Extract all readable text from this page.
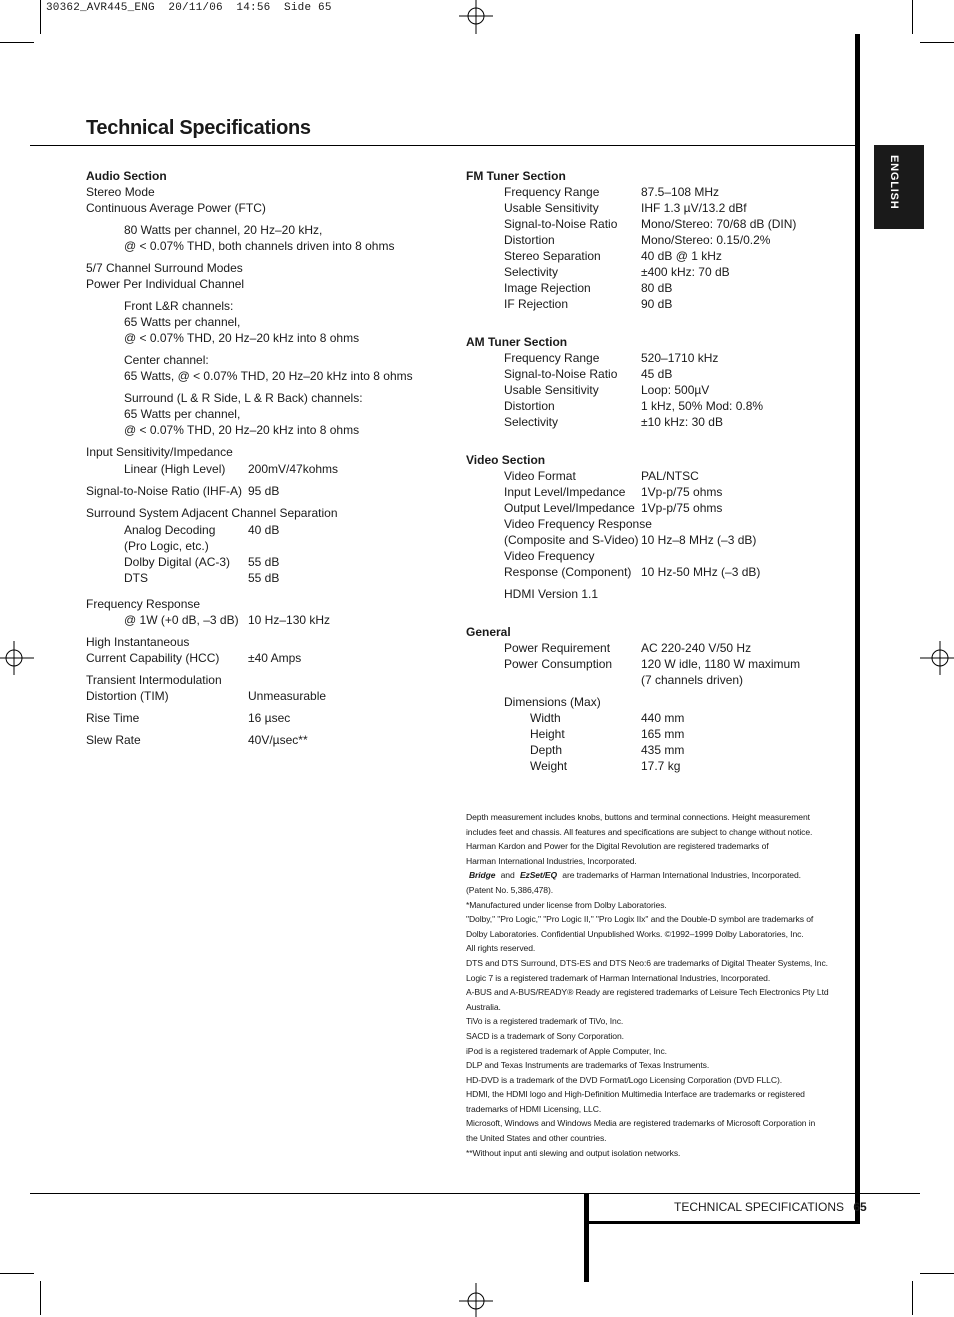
30362_AVR445_ENG  20/11/06  14:56  Side 65
ENGLISH
Technical Specifications
Audio Section
Stereo Mode
Continuous Average Power (FTC)
80 Watts per channel, 20 Hz–20 kHz,
@ < 0.07% THD, both channels driven into 8 ohms
5/7 Channel Surround Modes
Power Per Individual Channel
Front L&R channels:
65 Watts per channel,
@ < 0.07% THD, 20 Hz–20 kHz into 8 ohms
Center channel:
65 Watts, @ < 0.07% THD, 20 Hz–20 kHz into 8 ohms
Surround (L & R Side, L & R Back) channels:
65 Watts per channel,
@ < 0.07% THD, 20 Hz–20 kHz into 8 ohms
Input Sensitivity/Impedance
Linear (High Level) 200mV/47kohms
Signal-to-Noise Ratio (IHF-A) 95 dB
Surround System Adjacent Channel Separation
Analog Decoding	40 dB
(Pro Logic, etc.)
Dolby Digital (AC-3) 55 dB
DTS	55 dB
Frequency Response
@ 1W (+0 dB, –3 dB) 10 Hz–130 kHz
High Instantaneous
Current Capability (HCC) ±40 Amps
Transient Intermodulation
Distortion (TIM)	Unmeasurable
Rise Time	16 µsec
Slew Rate	40V/µsec**
FM Tuner Section
Frequency Range	87.5–108 MHz
Usable Sensitivity	IHF 1.3 µV/13.2 dBf
Signal-to-Noise Ratio Mono/Stereo: 70/68 dB (DIN)
Distortion	Mono/Stereo: 0.15/0.2%
Stereo Separation	40 dB @ 1 kHz
Selectivity	±400 kHz: 70 dB
Image Rejection	80 dB
IF Rejection	90 dB
AM Tuner Section
Frequency Range	520–1710 kHz
Signal-to-Noise Ratio 45 dB
Usable Sensitivity	Loop: 500µV
Distortion	1 kHz, 50% Mod: 0.8%
Selectivity	±10 kHz: 30 dB
Video Section
Video Format	PAL/NTSC
Input Level/Impedance 1Vp-p/75 ohms
Output Level/Impedance 1Vp-p/75 ohms
Video Frequency Response
(Composite and S-Video) 10 Hz–8 MHz (–3 dB)
Video Frequency
Response (Component) 10 Hz-50 MHz (–3 dB)
HDMI Version 1.1
General
Power Requirement	AC 220-240 V/50 Hz
Power Consumption 120 W idle, 1180 W maximum
(7 channels driven)
Dimensions (Max)
Width	440 mm
Height	165 mm
Depth	435 mm
Weight	17.7 kg
Depth measurement includes knobs, buttons and terminal connections. Height measurement
includes feet and chassis. All features and specifications are subject to change without notice.
Harman Kardon and Power for the Digital Revolution are registered trademarks of
Harman International Industries, Incorporated.
Bridge and EzSet/EQ are trademarks of Harman International Industries, Incorporated.
(Patent No. 5,386,478).
*Manufactured under license from Dolby Laboratories.
"Dolby," "Pro Logic," "Pro Logic II," "Pro Logix IIx" and the Double-D symbol are trademarks of
Dolby Laboratories. Confidential Unpublished Works. ©1992–1999 Dolby Laboratories, Inc.
All rights reserved.
DTS and DTS Surround, DTS-ES and DTS Neo:6 are trademarks of Digital Theater Systems, Inc.
Logic 7 is a registered trademark of Harman International Industries, Incorporated.
A-BUS and A-BUS/READY® Ready are registered trademarks of Leisure Tech Electronics Pty Ltd
Australia.
TiVo is a registered trademark of TiVo, Inc.
SACD is a trademark of Sony Corporation.
iPod is a registered trademark of Apple Computer, Inc.
DLP and Texas Instruments are trademarks of Texas Instruments.
HD-DVD is a trademark of the DVD Format/Logo Licensing Corporation (DVD FLLC).
HDMI, the HDMI logo and High-Definition Multimedia Interface are trademarks or registered
trademarks of HDMI Licensing, LLC.
Microsoft, Windows and Windows Media are registered trademarks of Microsoft Corporation in
the United States and other countries.
**Without input anti slewing and output isolation networks.
TECHNICAL SPECIFICATIONS 65
